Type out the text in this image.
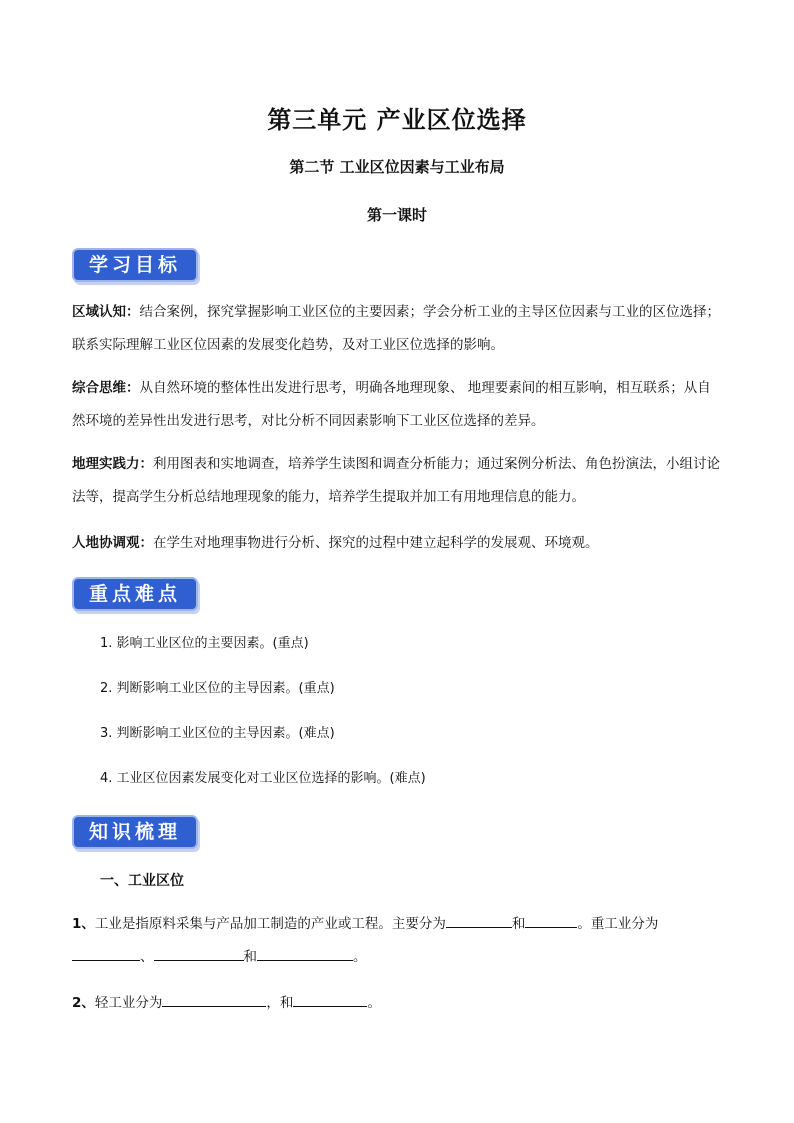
第三单元 产业区位选择
第二节 工业区位因素与工业布局
第一课时
学习目标
区域认知：结合案例，探究掌握影响工业区位的主要因素；学会分析工业的主导区位因素与工业的区位选择；联系实际理解工业区位因素的发展变化趋势，及对工业区位选择的影响。
综合思维：从自然环境的整体性出发进行思考，明确各地理现象、 地理要素间的相互影响，相互联系；从自然环境的差异性出发进行思考，对比分析不同因素影响下工业区位选择的差异。
地理实践力：利用图表和实地调查，培养学生读图和调查分析能力；通过案例分析法、角色扮演法，小组讨论法等，提高学生分析总结地理现象的能力，培养学生提取并加工有用地理信息的能力。
人地协调观：在学生对地理事物进行分析、探究的过程中建立起科学的发展观、环境观。
重点难点
1. 影响工业区位的主要因素。(重点)
2. 判断影响工业区位的主导因素。(重点)
3. 判断影响工业区位的主导因素。(难点)
4. 工业区位因素发展变化对工业区位选择的影响。(难点)
知识梳理
一、工业区位
1、工业是指原料采集与产品加工制造的产业或工程。主要分为	和	。重工业分为
、	和	。
2、轻工业分为	，和	。
